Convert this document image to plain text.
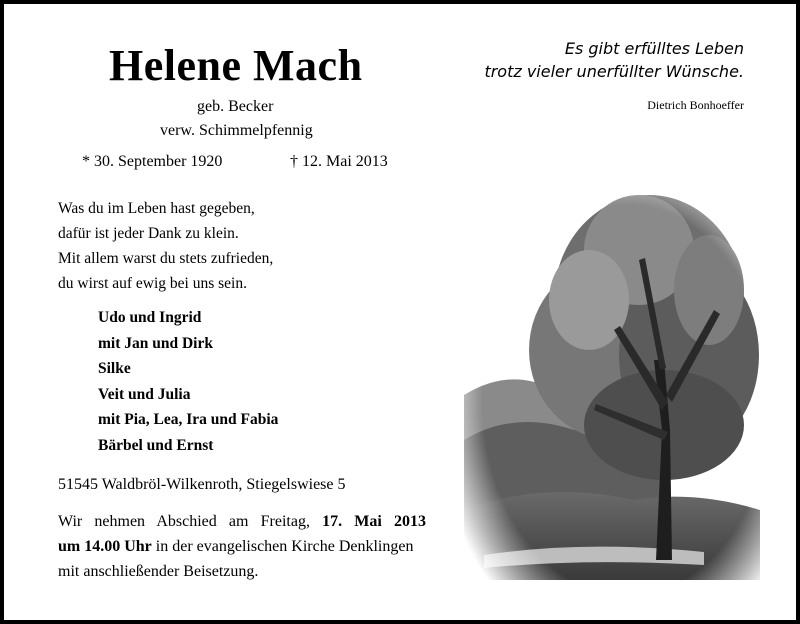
Helene Mach
geb. Becker
verw. Schimmelpfennig
* 30. September 1920	† 12. Mai 2013
Es gibt erfülltes Leben
trotz vieler unerfüllter Wünsche.
Dietrich Bonhoeffer
Was du im Leben hast gegeben,
dafür ist jeder Dank zu klein.
Mit allem warst du stets zufrieden,
du wirst auf ewig bei uns sein.
Udo und Ingrid
mit Jan und Dirk
Silke
Veit und Julia
mit Pia, Lea, Ira und Fabia
Bärbel und Ernst
51545 Waldbröl-Wilkenroth, Stiegelswiese 5
Wir nehmen Abschied am Freitag, 17. Mai 2013
um 14.00 Uhr in der evangelischen Kirche Denklingen
mit anschließender Beisetzung.
